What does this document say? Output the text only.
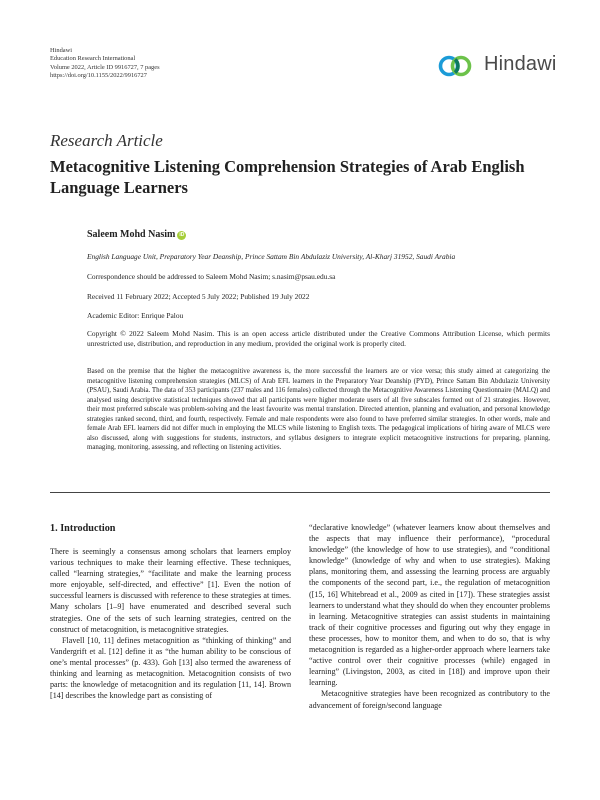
Hindawi
Education Research International
Volume 2022, Article ID 9916727, 7 pages
https://doi.org/10.1155/2022/9916727
Hindawi
Research Article
Metacognitive Listening Comprehension Strategies of Arab English Language Learners
Saleem Mohd Nasim iD
English Language Unit, Preparatory Year Deanship, Prince Sattam Bin Abdulaziz University, Al-Kharj 31952, Saudi Arabia
Correspondence should be addressed to Saleem Mohd Nasim; s.nasim@psau.edu.sa
Received 11 February 2022; Accepted 5 July 2022; Published 19 July 2022
Academic Editor: Enrique Palou
Copyright © 2022 Saleem Mohd Nasim. This is an open access article distributed under the Creative Commons Attribution License, which permits unrestricted use, distribution, and reproduction in any medium, provided the original work is properly cited.
Based on the premise that the higher the metacognitive awareness is, the more successful the learners are or vice versa; this study aimed at categorizing the metacognitive listening comprehension strategies (MLCS) of Arab EFL learners in the Preparatory Year Deanship (PYD), Prince Sattam Bin Abdulaziz University (PSAU), Saudi Arabia. The data of 353 participants (237 males and 116 females) collected through the Metacognitive Awareness Listening Questionnaire (MALQ) and analysed using descriptive statistical techniques showed that all participants were higher moderate users of all five subscales formed out of 21 strategies. However, their most preferred subscale was problem-solving and the least favourite was mental translation. Directed attention, planning and evaluation, and personal knowledge strategies ranked second, third, and fourth, respectively. Female and male respondents were also found to have preferred similar strategies. In other words, male and female Arab EFL learners did not differ much in employing the MLCS while listening to English texts. The pedagogical implications of hiring aware of MLCS were also discussed, along with suggestions for students, instructors, and syllabus designers to integrate explicit metacognitive instructions for preparing, planning, managing, monitoring, assessing, and reflecting on listening activities.

1. Introduction

There is seemingly a consensus among scholars that learners employ various techniques to make their learning effective. These techniques, called “learning strategies,” “facilitate and make the learning process more enjoyable, self-directed, and effective” [1]. Even the notion of successful learners is discussed with reference to these strategies at times. Many scholars [1–9] have enumerated and described several such strategies. One of the sets of such learning strategies, centred on the construct of metacognition, is metacognitive strategies.

Flavell [10, 11] defines metacognition as “thinking of thinking” and Vandergrift et al. [12] define it as “the human ability to be conscious of one’s mental processes” (p. 433). Goh [13] also termed the awareness of thinking and learning as metacognition. Metacognition consists of two parts: the knowledge of metacognition and its regulation [11, 14]. Brown [14] describes the knowledge part as consisting of

“declarative knowledge” (whatever learners know about themselves and the aspects that may influence their performance), “procedural knowledge” (the knowledge of how to use strategies), and “conditional knowledge” (knowledge of why and when to use strategies). Making plans, monitoring them, and assessing the learning process are arguably the components of the second part, i.e., the regulation of metacognition ([15, 16] Whitebread et al., 2009 as cited in [17]). These strategies assist learners to understand what they should do when they encounter problems in learning. Metacognitive strategies can assist students in maintaining track of their cognitive processes and figuring out why they engage in these processes, how to monitor them, and when to do so, that is why metacognition is regarded as a higher-order approach where learners take “active control over their cognitive processes (while) engaged in learning” (Livingston, 2003, as cited in [18]) and improve upon their learning.

Metacognitive strategies have been recognized as contributory to the advancement of foreign/second language
